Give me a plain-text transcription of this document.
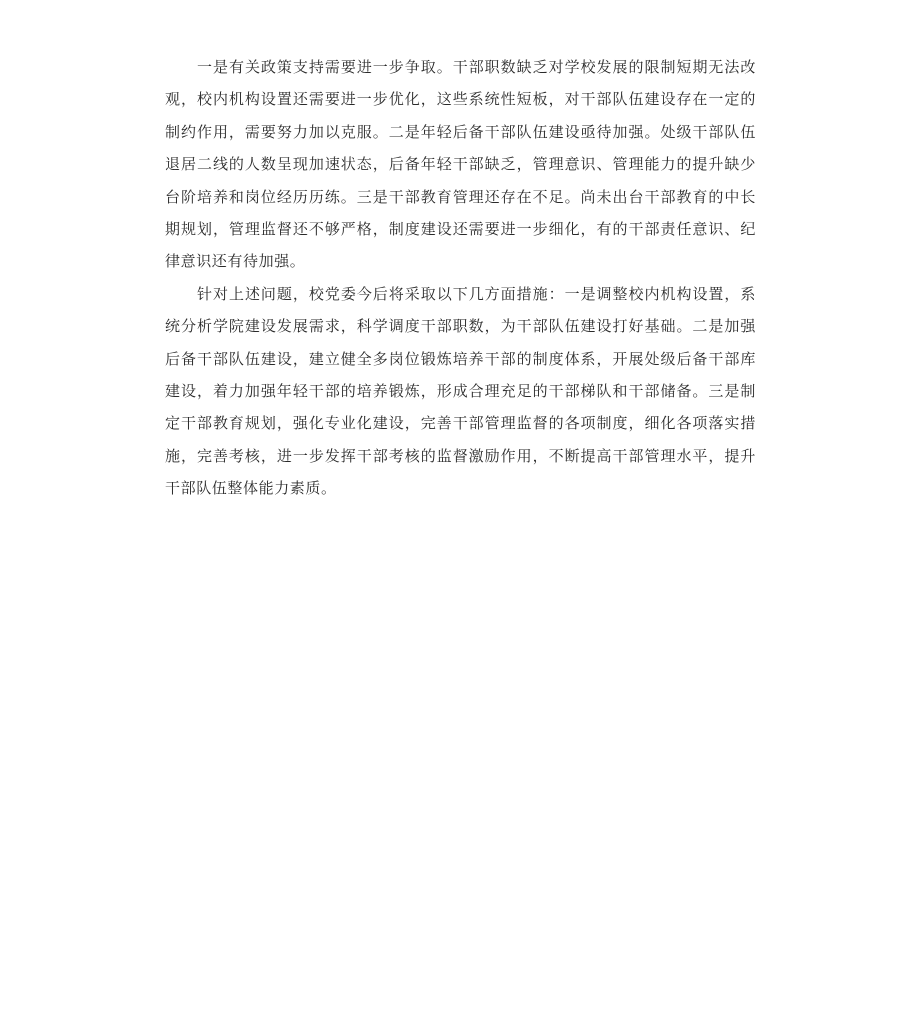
一是有关政策支持需要进一步争取。干部职数缺乏对学校发展的限制短期无法改观，校内机构设置还需要进一步优化，这些系统性短板，对干部队伍建设存在一定的制约作用，需要努力加以克服。二是年轻后备干部队伍建设亟待加强。处级干部队伍退居二线的人数呈现加速状态，后备年轻干部缺乏，管理意识、管理能力的提升缺少台阶培养和岗位经历历练。三是干部教育管理还存在不足。尚未出台干部教育的中长期规划，管理监督还不够严格，制度建设还需要进一步细化，有的干部责任意识、纪律意识还有待加强。

针对上述问题，校党委今后将采取以下几方面措施：一是调整校内机构设置，系统分析学院建设发展需求，科学调度干部职数，为干部队伍建设打好基础。二是加强后备干部队伍建设，建立健全多岗位锻炼培养干部的制度体系，开展处级后备干部库建设，着力加强年轻干部的培养锻炼，形成合理充足的干部梯队和干部储备。三是制定干部教育规划，强化专业化建设，完善干部管理监督的各项制度，细化各项落实措施，完善考核，进一步发挥干部考核的监督激励作用，不断提高干部管理水平，提升干部队伍整体能力素质。
